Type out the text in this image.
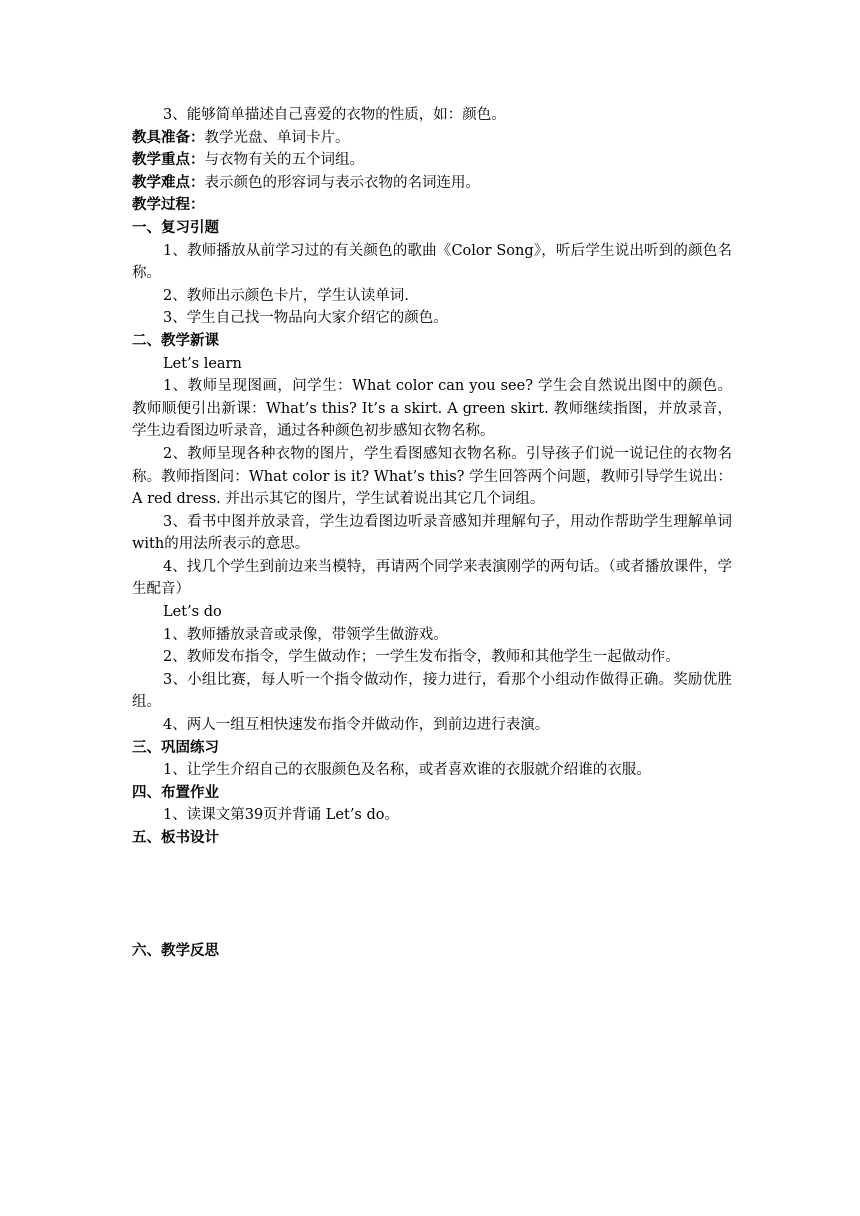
3、能够简单描述自己喜爱的衣物的性质，如：颜色。
教具准备：教学光盘、单词卡片。
教学重点：与衣物有关的五个词组。
教学难点：表示颜色的形容词与表示衣物的名词连用。
教学过程：
一、复习引题
1、教师播放从前学习过的有关颜色的歌曲《Color Song》，听后学生说出听到的颜色名称。
2、教师出示颜色卡片，学生认读单词.
3、学生自己找一物品向大家介绍它的颜色。
二、教学新课
Let’s learn
1、教师呈现图画，问学生：What color can you see? 学生会自然说出图中的颜色。教师顺便引出新课：What’s this? It’s a skirt. A green skirt. 教师继续指图，并放录音，学生边看图边听录音，通过各种颜色初步感知衣物名称。
2、教师呈现各种衣物的图片，学生看图感知衣物名称。引导孩子们说一说记住的衣物名称。教师指图问：What color is it? What’s this? 学生回答两个问题，教师引导学生说出：A red dress. 并出示其它的图片，学生试着说出其它几个词组。
3、看书中图并放录音，学生边看图边听录音感知并理解句子，用动作帮助学生理解单词with的用法所表示的意思。
4、找几个学生到前边来当模特，再请两个同学来表演刚学的两句话。（或者播放课件，学生配音）
Let’s do
1、教师播放录音或录像，带领学生做游戏。
2、教师发布指令，学生做动作；一学生发布指令，教师和其他学生一起做动作。
3、小组比赛，每人听一个指令做动作，接力进行，看那个小组动作做得正确。奖励优胜组。
4、两人一组互相快速发布指令并做动作，到前边进行表演。
三、巩固练习
1、让学生介绍自己的衣服颜色及名称，或者喜欢谁的衣服就介绍谁的衣服。
四、布置作业
1、读课文第39页并背诵 Let’s do。
五、板书设计
六、教学反思
